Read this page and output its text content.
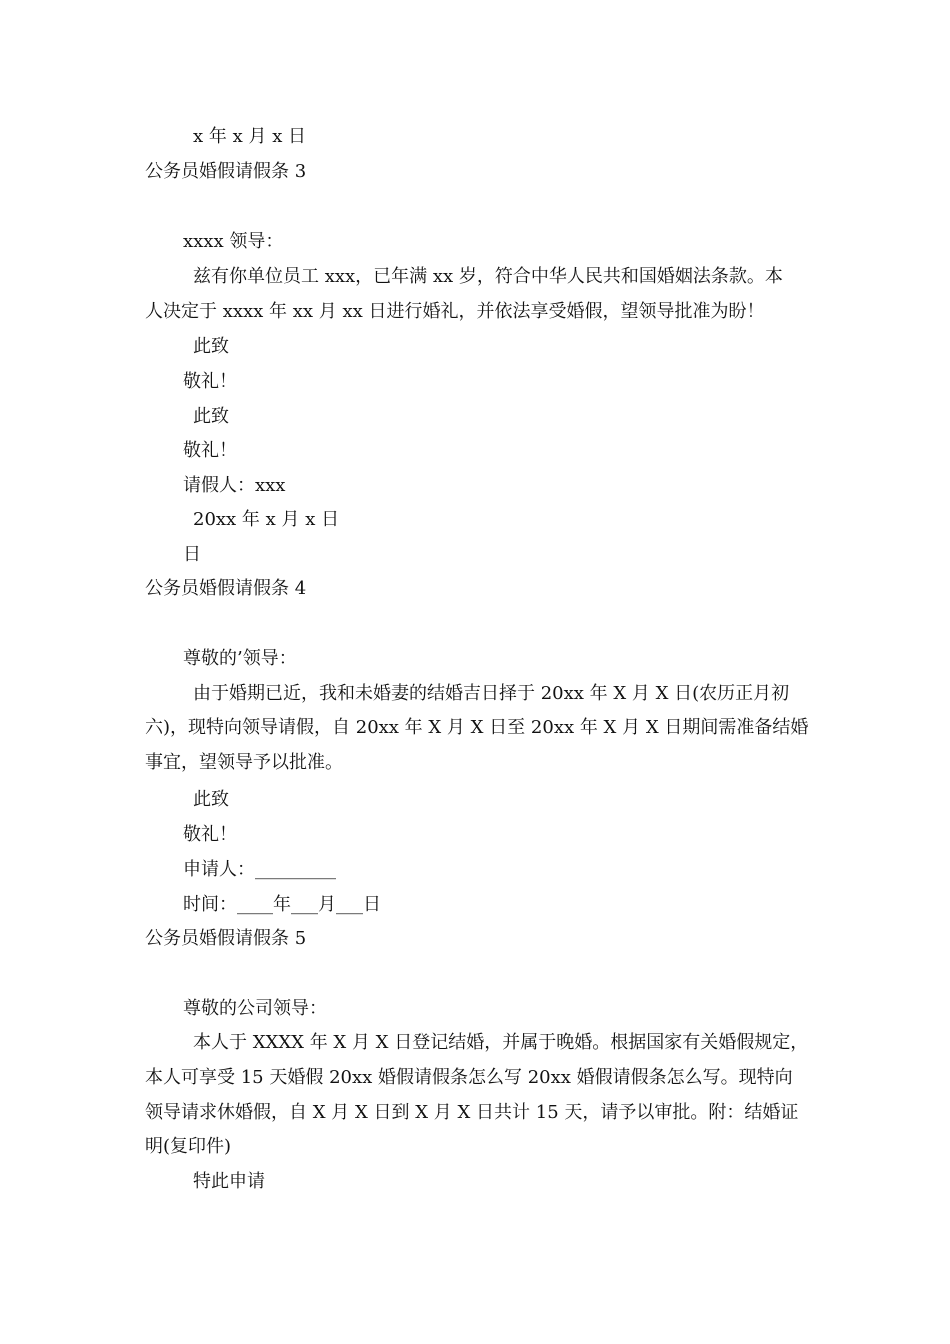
x 年 x 月 x 日

公务员婚假请假条 3

xxxx 领导：

兹有你单位员工 xxx，已年满 xx 岁，符合中华人民共和国婚姻法条款。本

人决定于 xxxx 年 xx 月 xx 日进行婚礼，并依法享受婚假，望领导批准为盼！

此致

敬礼！

此致

敬礼！

请假人：xxx

20xx 年 x 月 x 日

日

公务员婚假请假条 4

尊敬的’领导：

由于婚期已近，我和未婚妻的结婚吉日择于 20xx 年 X 月 X 日(农历正月初

六)，现特向领导请假，自 20xx 年 X 月 X 日至 20xx 年 X 月 X 日期间需准备结婚

事宜，望领导予以批准。

此致

敬礼！

申请人：_________

时间：____年___月___日

公务员婚假请假条 5

尊敬的公司领导：

本人于 XXXX 年 X 月 X 日登记结婚，并属于晚婚。根据国家有关婚假规定，

本人可享受 15 天婚假 20xx 婚假请假条怎么写 20xx 婚假请假条怎么写。现特向

领导请求休婚假，自 X 月 X 日到 X 月 X 日共计 15 天，请予以审批。附：结婚证

明(复印件)

特此申请
